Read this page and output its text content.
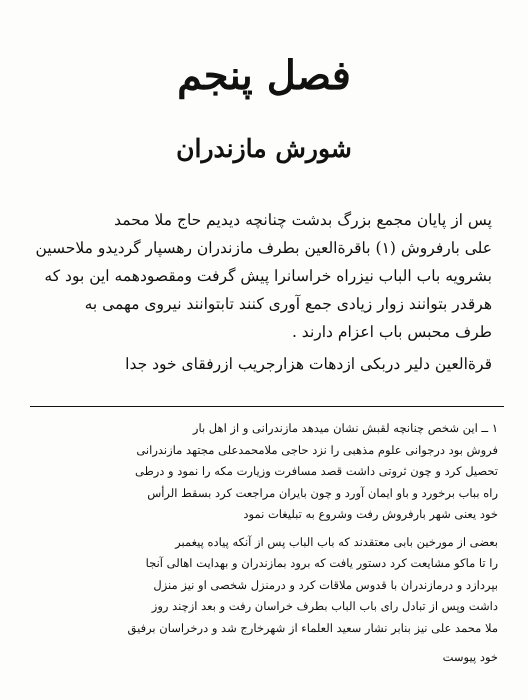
فصل پنجم
شورش مازندران
پس از پایان مجمع بزرگ بدشت چنانچه دیدیم حاج ملا محمد
علی بارفروش (۱) باقرةالعین بطرف مازندران رهسپار گردیدو ملاحسین
بشرویه باب الباب نیزراه خراسانرا پیش گرفت ومقصودهمه این بود که
هرقدر بتوانند زوار زیادی جمع آوری کنند تابتوانند نیروی مهمی به
طرف محبس باب اعزام دارند .
قرةالعین دلیر دربکی ازدهات هزارجریب ازرفقای خود جدا
۱ ــ این شخص چنانچه لقبش نشان میدهد مازندرانی و از اهل بار
فروش بود درجوانی علوم مذهبی را نزد حاجی ملامحمدعلی مجتهد مازندرانی
تحصیل کرد و چون ثروتی داشت قصد مسافرت وزیارت مکه را نمود و درطی
راه بباب برخورد و باو ایمان آورد و چون بایران مراجعت کرد بسقط الرأس
خود یعنی شهر بارفروش رفت وشروع به تبلیغات نمود
بعضی از مورخین بابی معتقدند که باب الباب پس از آنکه پیاده پیغمبر
را تا ماکو مشایعت کرد دستور یافت که برود بمازندران و بهدایت اهالی آنجا
بپردازد و درمازندران با قدوس ملاقات کرد و درمنزل شخصی او نیز منزل
داشت وپس از تبادل رای باب الباب بطرف خراسان رفت و بعد ازچند روز
ملا محمد علی نیز بنابر نشار سعید العلماء از شهرخارج شد و درخراسان برفیق
خود پیوست
